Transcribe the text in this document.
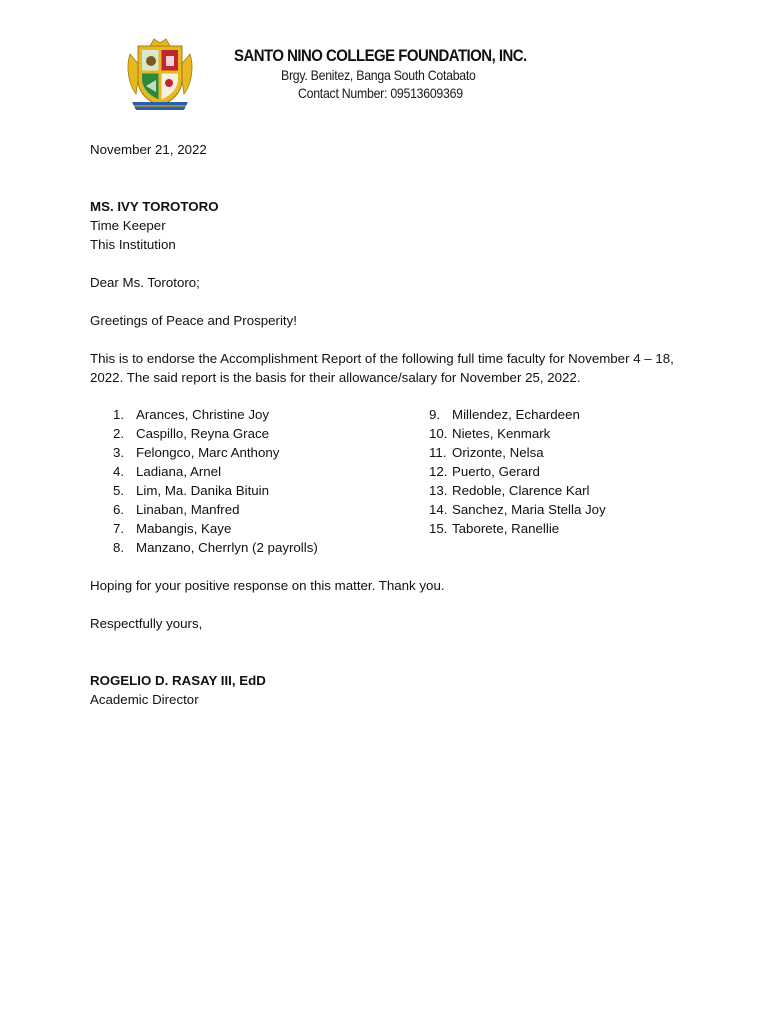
SANTO NINO COLLEGE FOUNDATION, INC.
Brgy. Benitez, Banga South Cotabato
Contact Number: 09513609369
November 21, 2022
MS. IVY TOROTORO
Time Keeper
This Institution
Dear Ms. Torotoro;
Greetings of Peace and Prosperity!
This is to endorse the Accomplishment Report of the following full time faculty for November 4 – 18, 2022. The said report is the basis for their allowance/salary for November 25, 2022.
1. Arances, Christine Joy
2. Caspillo, Reyna Grace
3. Felongco, Marc Anthony
4. Ladiana, Arnel
5. Lim, Ma. Danika Bituin
6. Linaban, Manfred
7. Mabangis, Kaye
8. Manzano, Cherrlyn (2 payrolls)
9. Millendez, Echardeen
10. Nietes, Kenmark
11. Orizonte, Nelsa
12. Puerto, Gerard
13. Redoble, Clarence Karl
14. Sanchez, Maria Stella Joy
15. Taborete, Ranellie
Hoping for your positive response on this matter. Thank you.
Respectfully yours,
ROGELIO D. RASAY III, EdD
Academic Director
